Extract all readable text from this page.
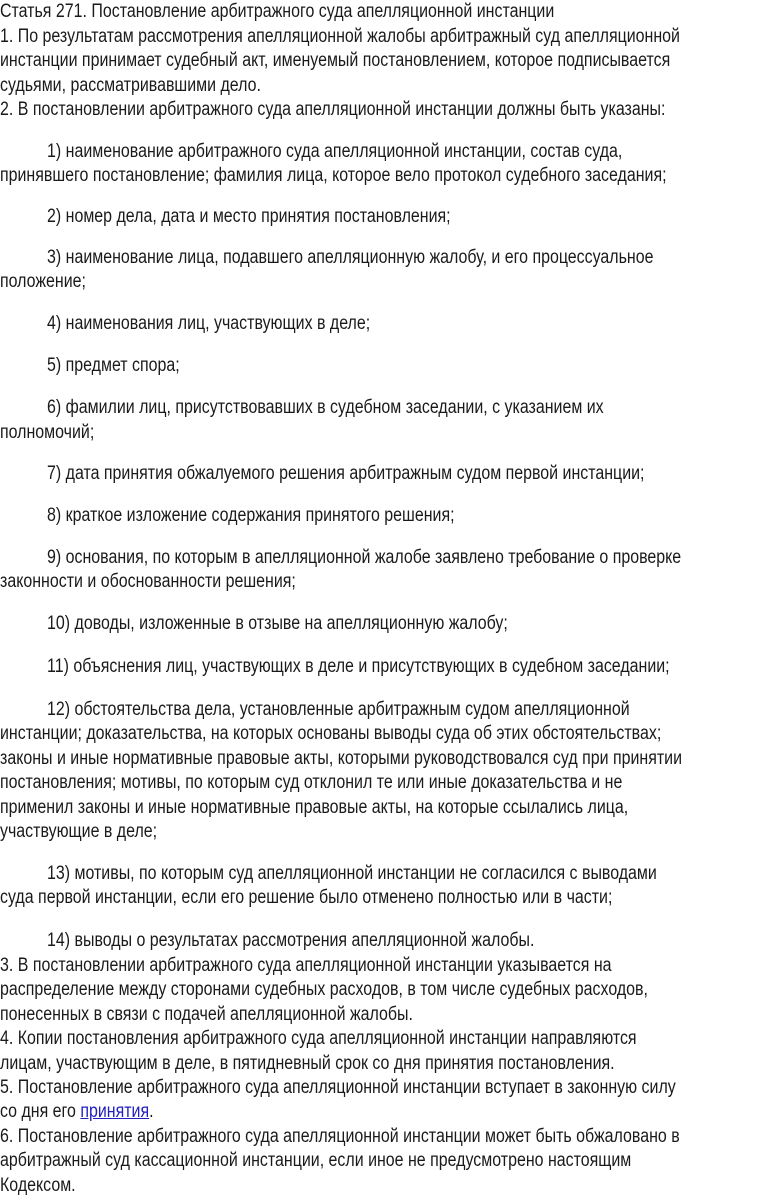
Статья 271. Постановление арбитражного суда апелляционной инстанции
1. По результатам рассмотрения апелляционной жалобы арбитражный суд апелляционной
инстанции принимает судебный акт, именуемый постановлением, которое подписывается
судьями, рассматривавшими дело.
2. В постановлении арбитражного суда апелляционной инстанции должны быть указаны:
1) наименование арбитражного суда апелляционной инстанции, состав суда,
принявшего постановление; фамилия лица, которое вело протокол судебного заседания;
2) номер дела, дата и место принятия постановления;
3) наименование лица, подавшего апелляционную жалобу, и его процессуальное
положение;
4) наименования лиц, участвующих в деле;
5) предмет спора;
6) фамилии лиц, присутствовавших в судебном заседании, с указанием их
полномочий;
7) дата принятия обжалуемого решения арбитражным судом первой инстанции;
8) краткое изложение содержания принятого решения;
9) основания, по которым в апелляционной жалобе заявлено требование о проверке
законности и обоснованности решения;
10) доводы, изложенные в отзыве на апелляционную жалобу;
11) объяснения лиц, участвующих в деле и присутствующих в судебном заседании;
12) обстоятельства дела, установленные арбитражным судом апелляционной
инстанции; доказательства, на которых основаны выводы суда об этих обстоятельствах;
законы и иные нормативные правовые акты, которыми руководствовался суд при принятии
постановления; мотивы, по которым суд отклонил те или иные доказательства и не
применил законы и иные нормативные правовые акты, на которые ссылались лица,
участвующие в деле;
13) мотивы, по которым суд апелляционной инстанции не согласился с выводами
суда первой инстанции, если его решение было отменено полностью или в части;
14) выводы о результатах рассмотрения апелляционной жалобы.
3. В постановлении арбитражного суда апелляционной инстанции указывается на
распределение между сторонами судебных расходов, в том числе судебных расходов,
понесенных в связи с подачей апелляционной жалобы.
4. Копии постановления арбитражного суда апелляционной инстанции направляются
лицам, участвующим в деле, в пятидневный срок со дня принятия постановления.
5. Постановление арбитражного суда апелляционной инстанции вступает в законную силу
со дня его принятия.
6. Постановление арбитражного суда апелляционной инстанции может быть обжаловано в
арбитражный суд кассационной инстанции, если иное не предусмотрено настоящим
Кодексом.
